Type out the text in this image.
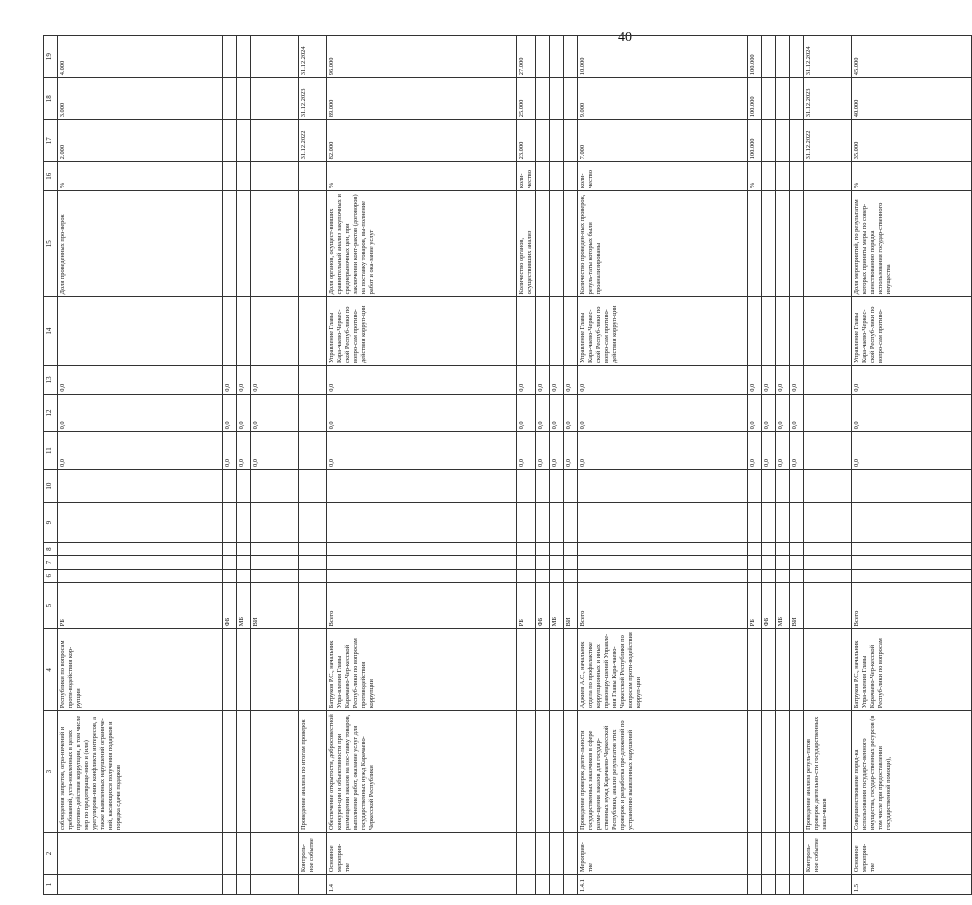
40
1	2	3	4	5	6	7	8	9	10	11	12	13	14	15	16	17	18	19
		соблюдения запретов, огра-ничений и требований, уста-новленных в целях противо-действия коррупции, в том числе мер по предотвраще-нию и (или) урегулирова-нию конфликта интересов, а также выявленных нарушений ограниче-ний, касающихся получения подарков и порядка сдачи подарков	Республики по вопросам проти-водействия кор-рупции	РБ						0,0	0,0	0,0		Доля проведенных про-верок	%	2.000	3.000	4.000
				ФБ						0,0	0,0	0,0						
				МБ						0,0	0,0	0,0						
				ВИ						0,0	0,0	0,0						
	Контроль-ное событие	Проведение анализа по итогам проверок														31.12.2022	31.12.2023	31.12.2024
1.4	Основное мероприя-тие	Обеспечение открытости, добросовестной конкурен-ции и объективности при размещении заказов на пос-тавку товаров, выполнение работ, оказание услуг для государственных нужд Карачаево-Черкесской Республики	Батруков Р.С., начальник Упра-вления Главы Карачаево-Чер-кесской Респуб-лики по вопросам противодействия коррупции	Всего						0,0	0,0	0,0	Управление Главы Кара-чаево-Черкес-ской Респуб-лики по вопро-сам противо-действия корруп-ции	Доля органов, осущест-вивших сравнительный анализ закупочных и среднерыночных цен, при заключении конт-рактов (договоров) на поставку товаров, вы-полнение работ и ока-зание услуг	%	82.000	89.000	96.000
				РБ						0,0	0,0	0,0		Количество органов, осуществивших анализ	коли-чество	23.000	25.000	27.000
				ФБ						0,0	0,0	0,0						
				МБ						0,0	0,0	0,0						
				ВИ						0,0	0,0	0,0						
1.4.1	Мероприя-тие	Проведение проверок деяте-льности государственных заказчиков в сфере разме-щения заказов для государ-ственных нужд Карачаево-Черкесской Республики, анализ результатов этих проверок и разработка пре-дложений по устранению выявленных нарушений	Аджиев А.С., начальник отдела по профилактике коррупционных и иных правонару-шений Управле-ния Главы Кара-чаево-Черкесской Республики по вопросам проти-водействия корруп-ции	Всего						0,0	0,0	0,0	Управление Главы Кара-чаево-Черкес-ской Респуб-лики по вопро-сам противо-действия корруп-ции	Количество проведен-ных проверок, резуль-таты которых были проанализированы	коли-чество	7.000	9.000	10.000
				РБ						0,0	0,0	0,0			%	100.000	100.000	100.000
				ФБ						0,0	0,0	0,0						
				МБ						0,0	0,0	0,0						
				ВИ						0,0	0,0	0,0						
	Контроль-ное событие	Проведение анализа резуль-татов проверок деятельно-сти государственных заказ-чиков														31.12.2022	31.12.2023	31.12.2024
1.5	Основное мероприя-тие	Совершенствование поряд-ка использования государст-венного имущества, государ-ственных ресурсов (в том числе при предоставлении государственной помощи),	Батруков Р.С., начальник Упра-вления Главы Карачаево-Чер-кесской Респуб-лики по вопросам	Всего						0,0	0,0	0,0	Управление Главы Кара-чаево-Черкес-ской Респуб-лики по вопро-сам противо-	Доля мероприятий, по результатам которых приняты меры по совер-шенствованию порядка использования государ-ственного имущества	%	35.000	40.000	45.000
